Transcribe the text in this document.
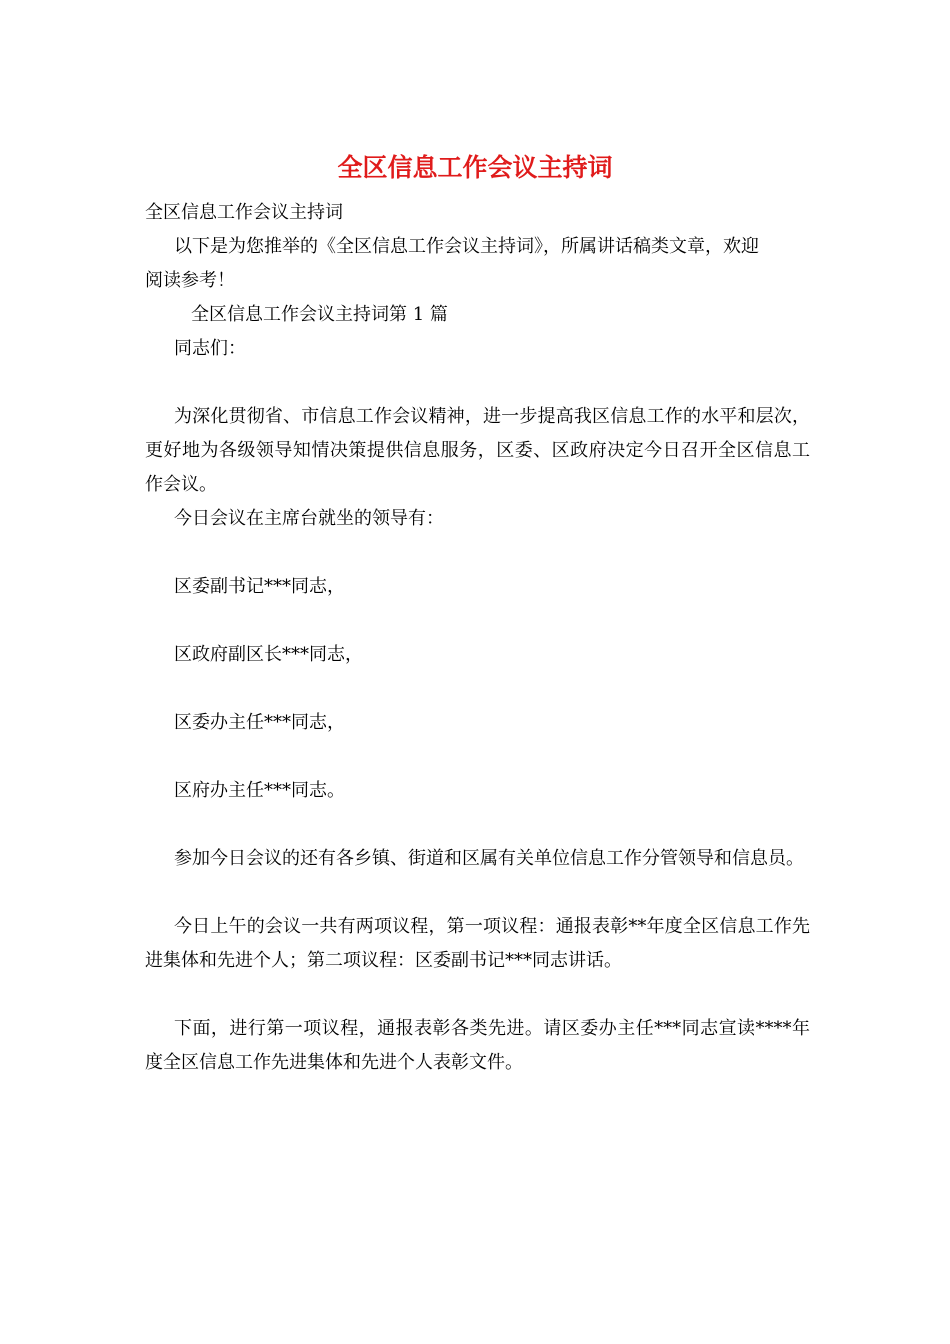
全区信息工作会议主持词

全区信息工作会议主持词

以下是为您推举的《全区信息工作会议主持词》，所属讲话稿类文章，欢迎

阅读参考！

全区信息工作会议主持词第 1 篇

同志们：

为深化贯彻省、市信息工作会议精神，进一步提高我区信息工作的水平和层次，更好地为各级领导知情决策提供信息服务，区委、区政府决定今日召开全区信息工作会议。

今日会议在主席台就坐的领导有：

区委副书记***同志，

区政府副区长***同志，

区委办主任***同志，

区府办主任***同志。

参加今日会议的还有各乡镇、街道和区属有关单位信息工作分管领导和信息员。

今日上午的会议一共有两项议程，第一项议程：通报表彰**年度全区信息工作先进集体和先进个人；第二项议程：区委副书记***同志讲话。

下面，进行第一项议程，通报表彰各类先进。请区委办主任***同志宣读****年度全区信息工作先进集体和先进个人表彰文件。
